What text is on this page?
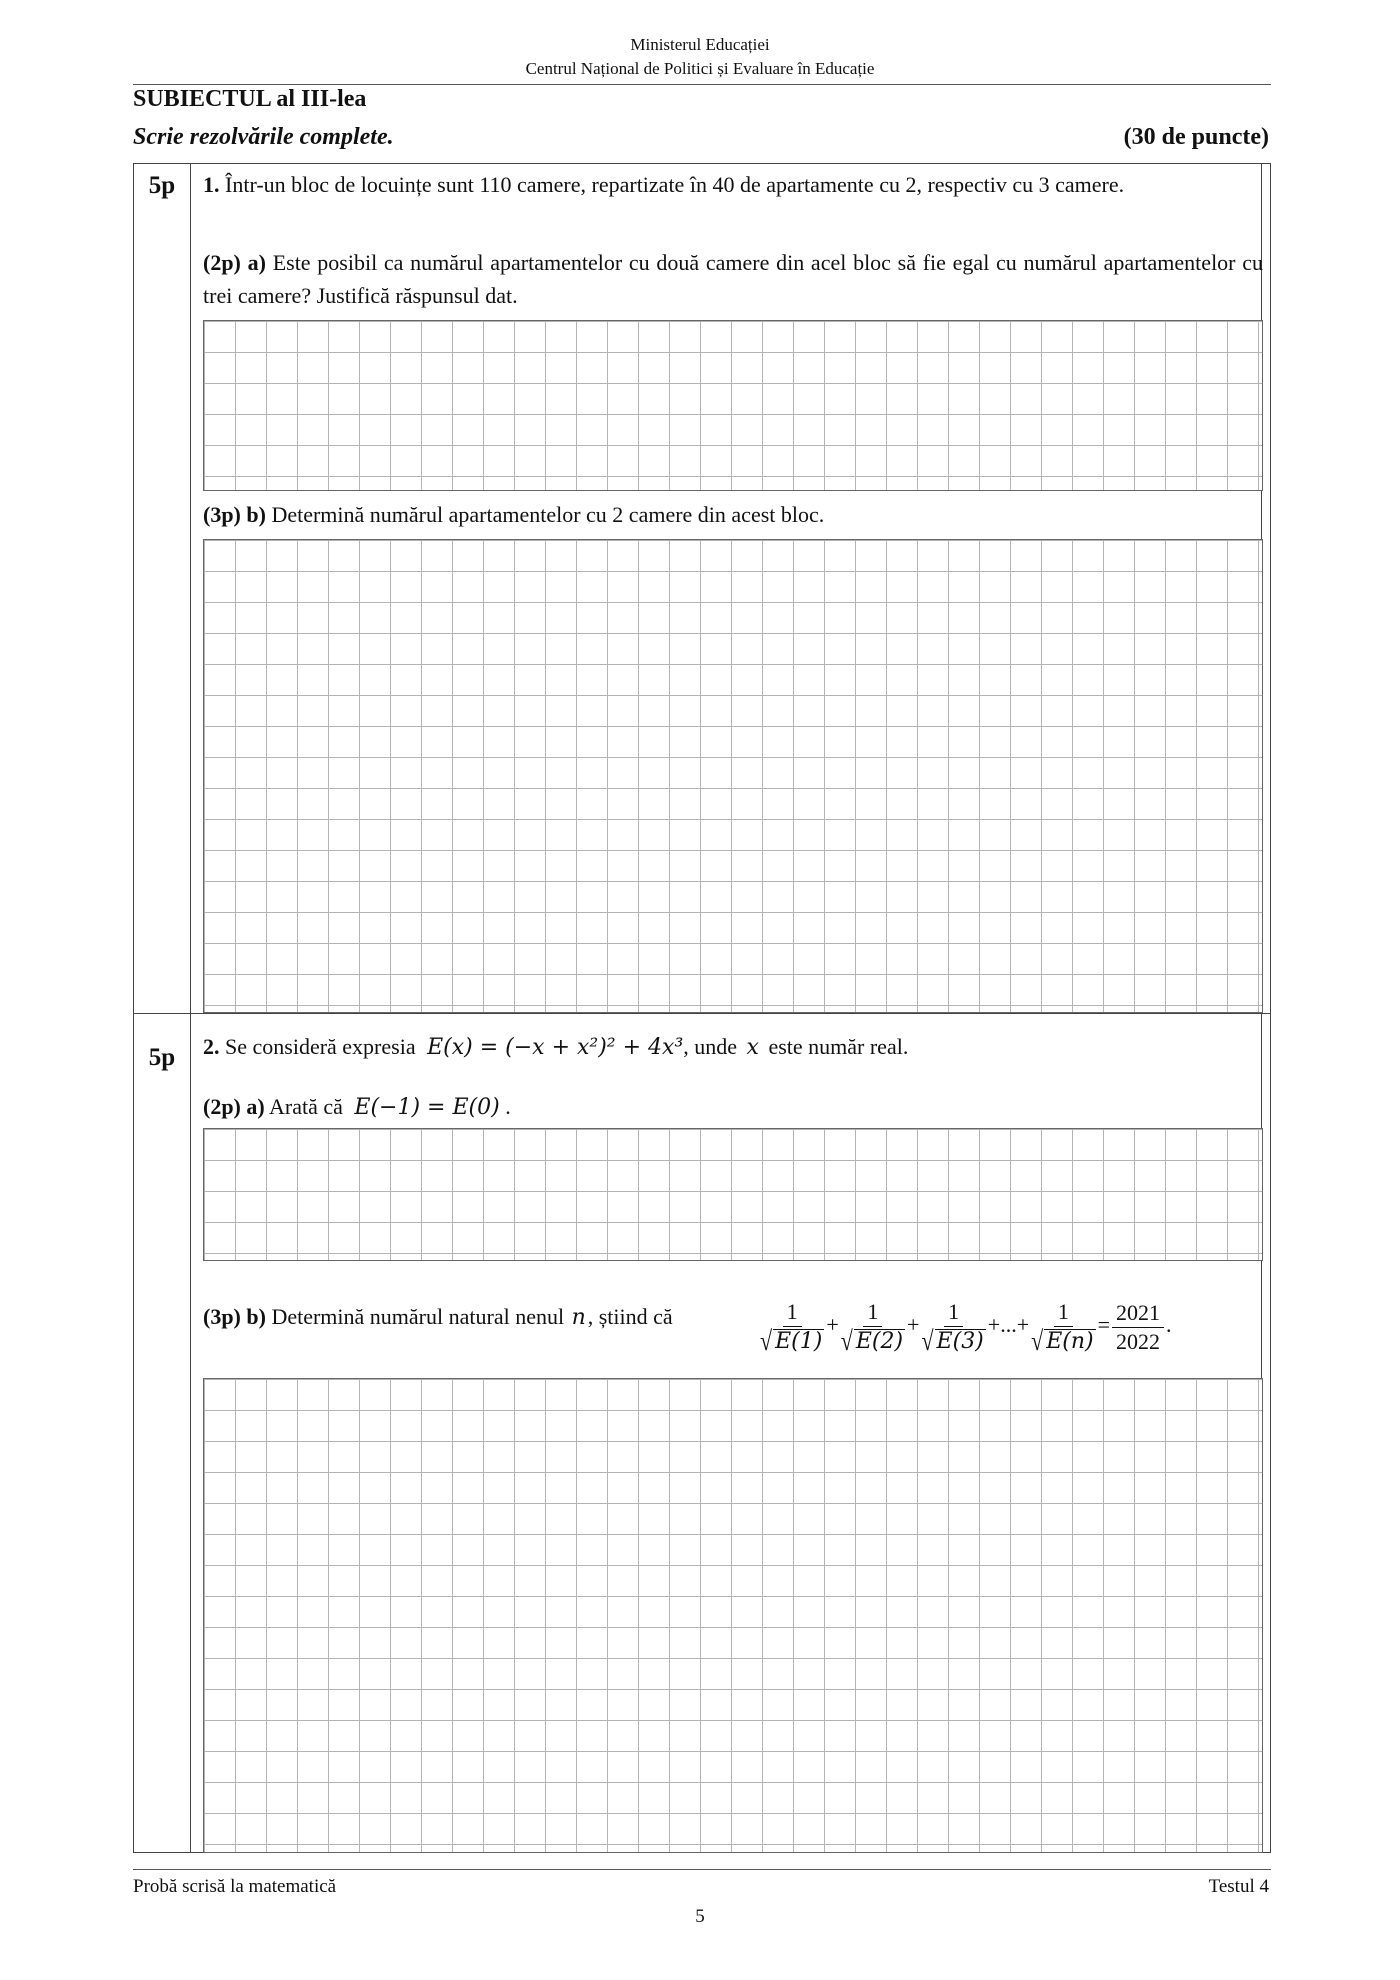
Ministerul Educației
Centrul Național de Politici și Evaluare în Educație
SUBIECTUL al III-lea
Scrie rezolvările complete.	(30 de puncte)
5p	1. Într-un bloc de locuințe sunt 110 camere, repartizate în 40 de apartamente cu 2, respectiv cu 3 camere.
(2p) a) Este posibil ca numărul apartamentelor cu două camere din acel bloc să fie egal cu numărul apartamentelor cu trei camere? Justifică răspunsul dat.
(3p) b) Determină numărul apartamentelor cu 2 camere din acest bloc.
5p	2. Se consideră expresia E(x) = (−x + x²)² + 4x³, unde x este număr real.
(2p) a) Arată că E(−1) = E(0) .
(3p) b) Determină numărul natural nenul n, știind că	$\frac{1}{√ E(1)} + \frac{1}{√ E(2)} + \frac{1}{√ E(3)}$ +...+ $\frac{1}{√ E(n)} = \frac{2021}{2022}$ .
Probă scrisă la matematică	Testul 4
5
